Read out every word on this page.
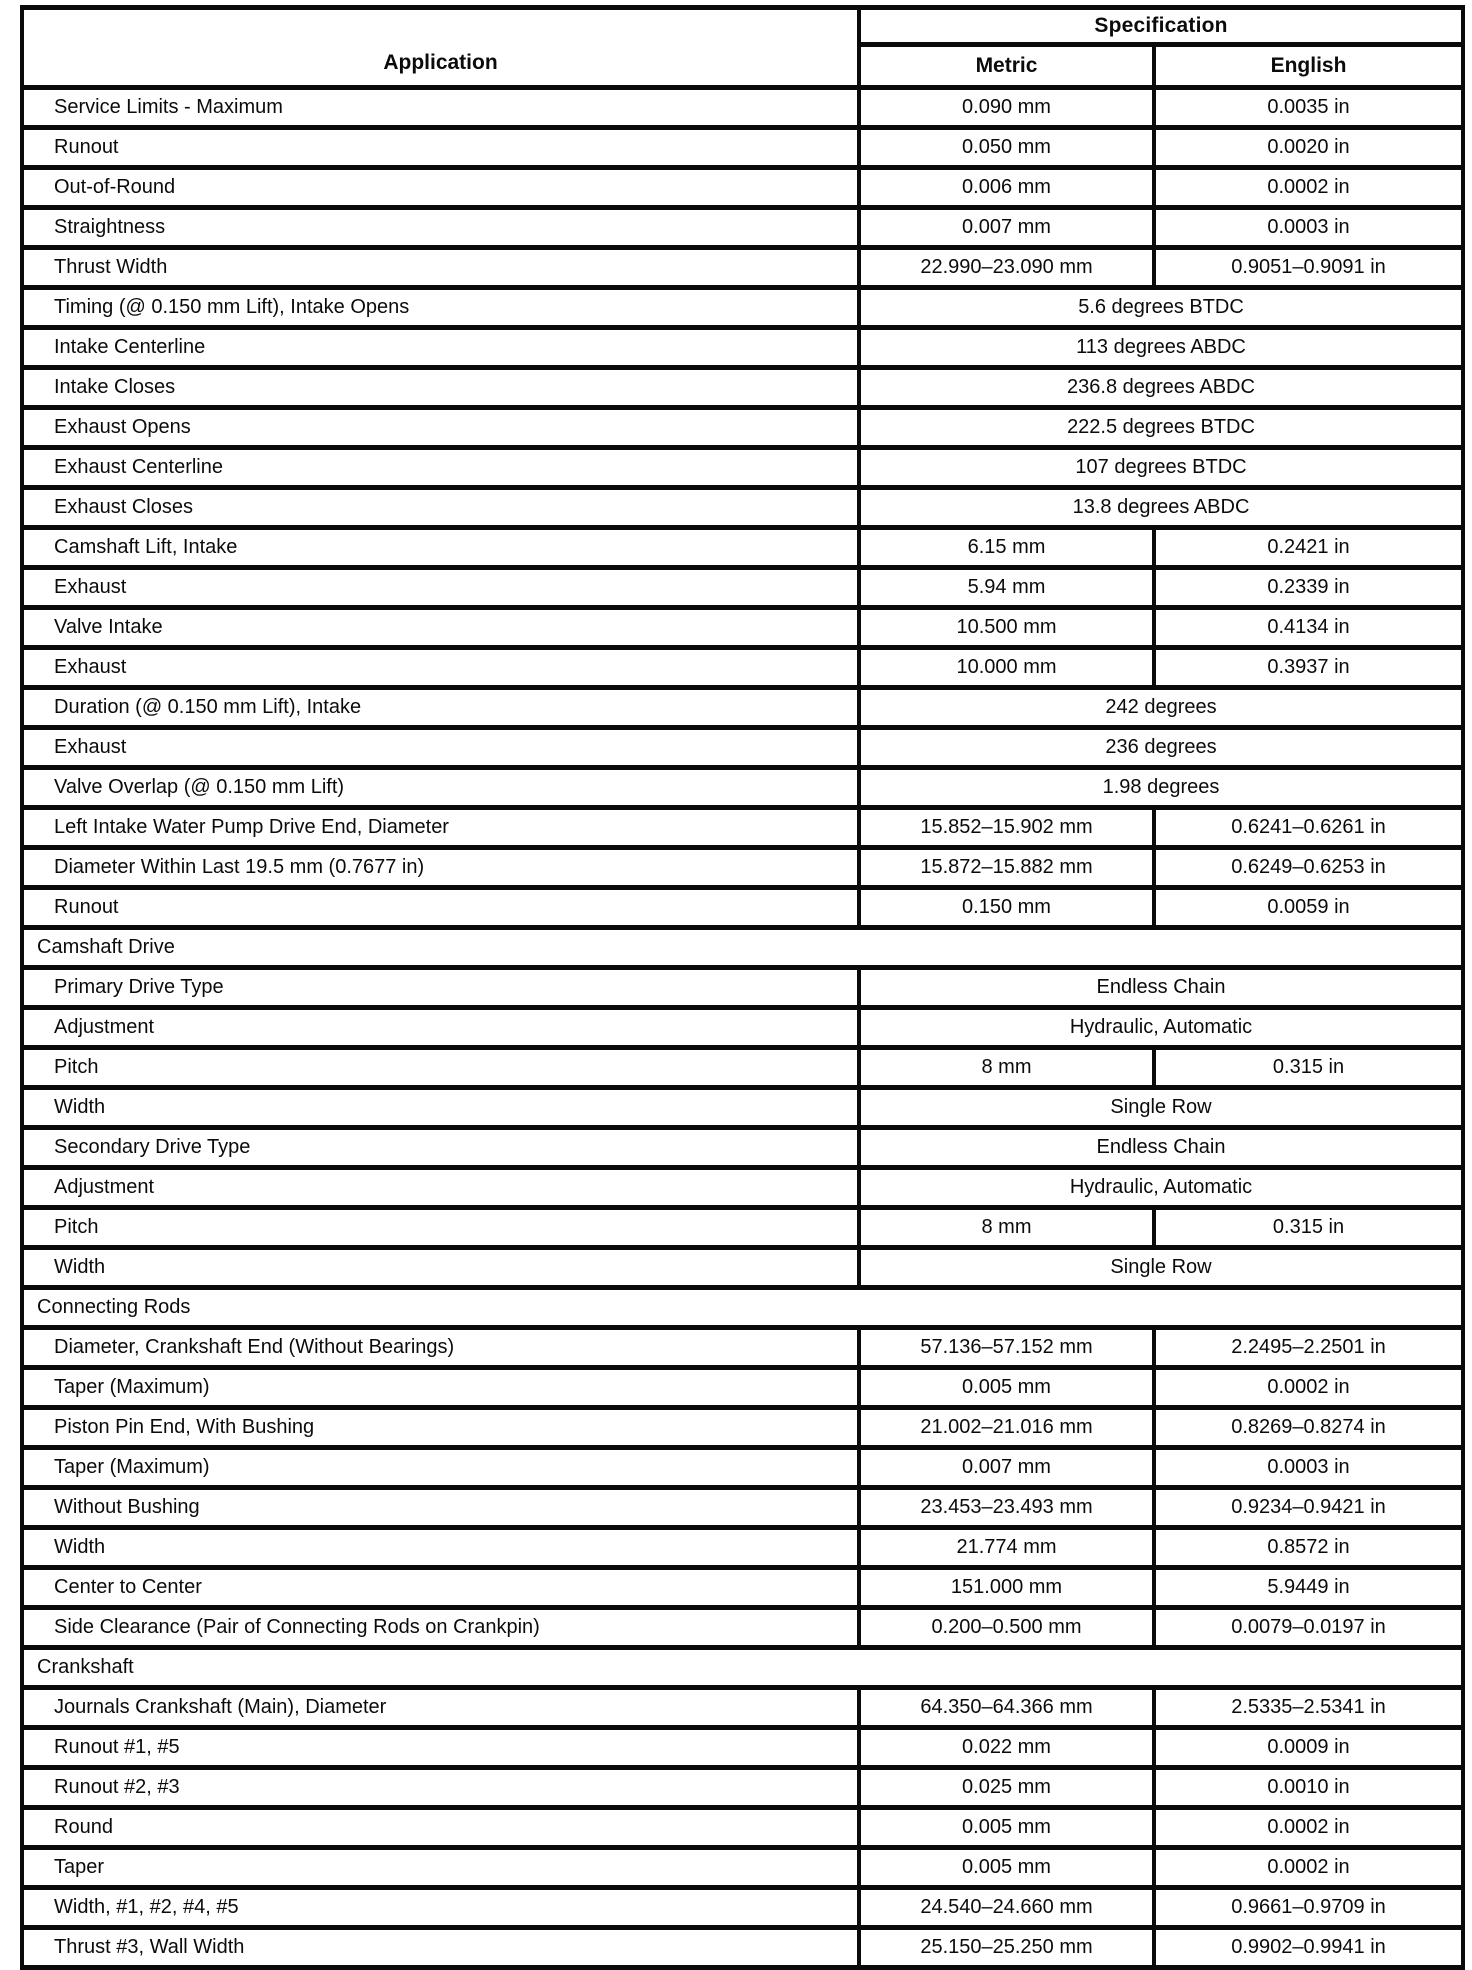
Application	Specification	
	Metric	English
Service Limits - Maximum	0.090 mm	0.0035 in
Runout	0.050 mm	0.0020 in
Out-of-Round	0.006 mm	0.0002 in
Straightness	0.007 mm	0.0003 in
Thrust Width	22.990–23.090 mm	0.9051–0.9091 in
Timing (@ 0.150 mm Lift), Intake Opens	5.6 degrees BTDC	
Intake Centerline	113 degrees ABDC	
Intake Closes	236.8 degrees ABDC	
Exhaust Opens	222.5 degrees BTDC	
Exhaust Centerline	107 degrees BTDC	
Exhaust Closes	13.8 degrees ABDC	
Camshaft Lift, Intake	6.15 mm	0.2421 in
Exhaust	5.94 mm	0.2339 in
Valve Intake	10.500 mm	0.4134 in
Exhaust	10.000 mm	0.3937 in
Duration (@ 0.150 mm Lift), Intake	242 degrees	
Exhaust	236 degrees	
Valve Overlap (@ 0.150 mm Lift)	1.98 degrees	
Left Intake Water Pump Drive End, Diameter	15.852–15.902 mm	0.6241–0.6261 in
Diameter Within Last 19.5 mm (0.7677 in)	15.872–15.882 mm	0.6249–0.6253 in
Runout	0.150 mm	0.0059 in
Camshaft Drive		
Primary Drive Type	Endless Chain	
Adjustment	Hydraulic, Automatic	
Pitch	8 mm	0.315 in
Width	Single Row	
Secondary Drive Type	Endless Chain	
Adjustment	Hydraulic, Automatic	
Pitch	8 mm	0.315 in
Width	Single Row	
Connecting Rods		
Diameter, Crankshaft End (Without Bearings)	57.136–57.152 mm	2.2495–2.2501 in
Taper (Maximum)	0.005 mm	0.0002 in
Piston Pin End, With Bushing	21.002–21.016 mm	0.8269–0.8274 in
Taper (Maximum)	0.007 mm	0.0003 in
Without Bushing	23.453–23.493 mm	0.9234–0.9421 in
Width	21.774 mm	0.8572 in
Center to Center	151.000 mm	5.9449 in
Side Clearance (Pair of Connecting Rods on Crankpin)	0.200–0.500 mm	0.0079–0.0197 in
Crankshaft		
Journals Crankshaft (Main), Diameter	64.350–64.366 mm	2.5335–2.5341 in
Runout #1, #5	0.022 mm	0.0009 in
Runout #2, #3	0.025 mm	0.0010 in
Round	0.005 mm	0.0002 in
Taper	0.005 mm	0.0002 in
Width, #1, #2, #4, #5	24.540–24.660 mm	0.9661–0.9709 in
Thrust #3, Wall Width	25.150–25.250 mm	0.9902–0.9941 in
